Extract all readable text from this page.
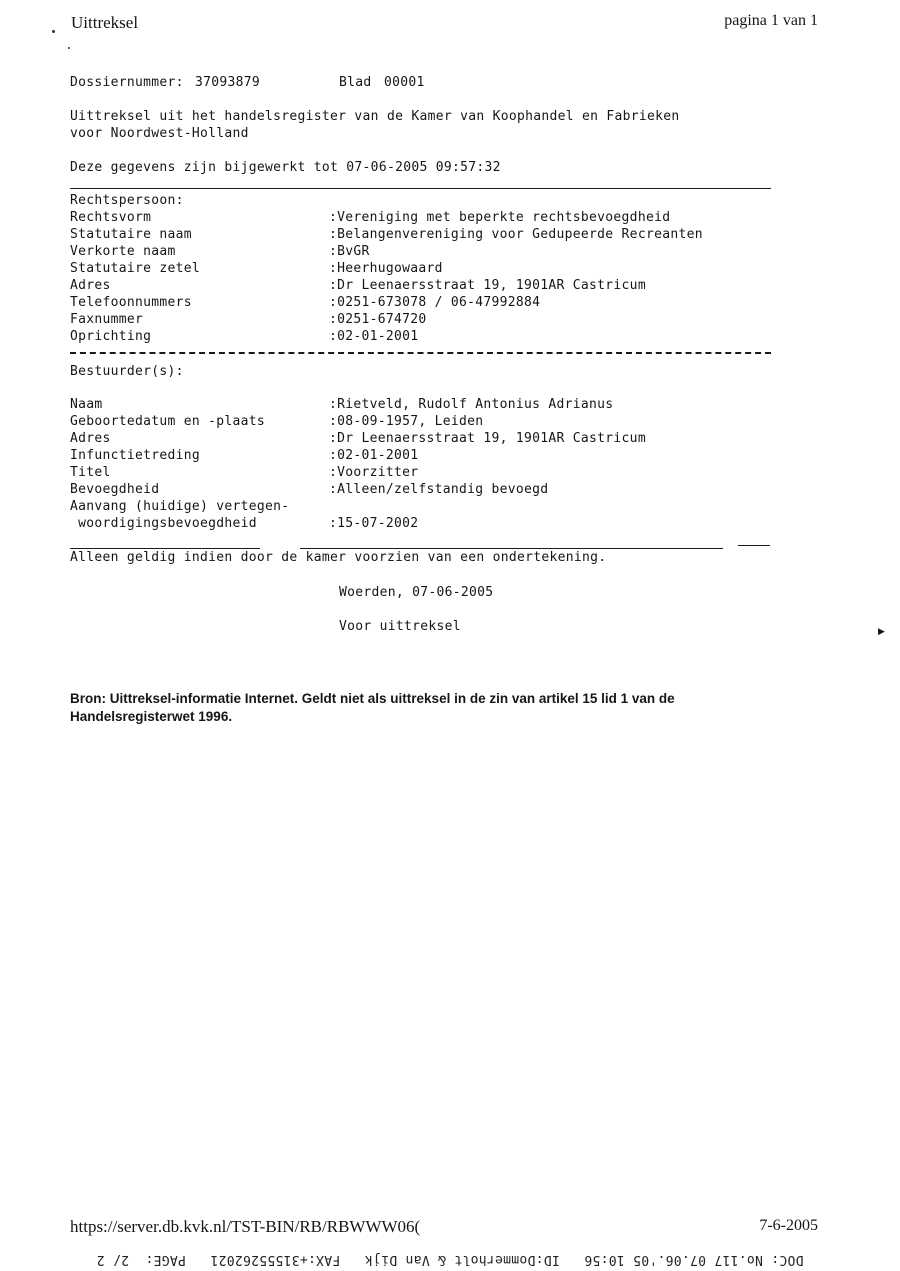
Uittreksel	pagina 1 van 1
Dossiernummer: 37093879	Blad 00001
Uittreksel uit het handelsregister van de Kamer van Koophandel en Fabrieken
voor Noordwest-Holland
Deze gegevens zijn bijgewerkt tot 07-06-2005 09:57:32
Rechtspersoon:
Rechtsvorm	:Vereniging met beperkte rechtsbevoegdheid
Statutaire naam	:Belangenvereniging voor Gedupeerde Recreanten
Verkorte naam	:BvGR
Statutaire zetel	:Heerhugowaard
Adres	:Dr Leenaersstraat 19, 1901AR Castricum
Telefoonnummers	:0251-673078 / 06-47992884
Faxnummer	:0251-674720
Oprichting	:02-01-2001
Bestuurder(s):
Naam	:Rietveld, Rudolf Antonius Adrianus
Geboortedatum en -plaats	:08-09-1957, Leiden
Adres	:Dr Leenaersstraat 19, 1901AR Castricum
Infunctietreding	:02-01-2001
Titel	:Voorzitter
Bevoegdheid	:Alleen/zelfstandig bevoegd
Aanvang (huidige) vertegen-
woordigingsbevoegdheid	:15-07-2002
Alleen geldig indien door de kamer voorzien van een ondertekening.
Woerden, 07-06-2005
Voor uittreksel	▶
Bron: Uittreksel-informatie Internet. Geldt niet als uittreksel in de zin van artikel 15 lid 1 van de Handelsregisterwet 1996.
https://server.db.kvk.nl/TST-BIN/RB/RBWWW06(	7-6-2005
DOC: No.117 07.06.'05 10:56   ID:Dommerholt & Van Dijk   FAX:+31555262021   PAGE:  2/ 2
